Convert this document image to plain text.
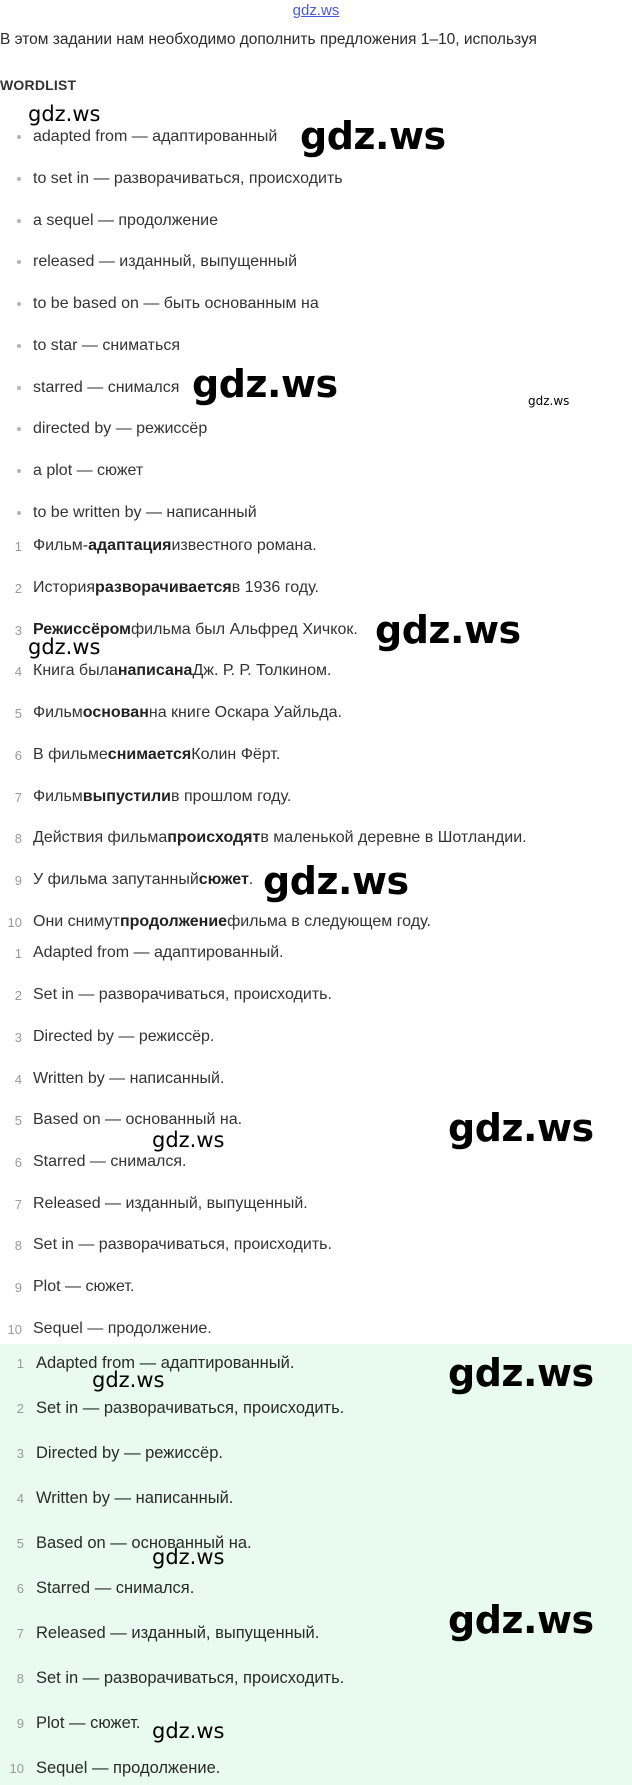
gdz.ws
В этом задании нам необходимо дополнить предложения 1–10, используя
WORDLIST
adapted from — адаптированный
to set in — разворачиваться, происходить
a sequel — продолжение
released — изданный, выпущенный
to be based on — быть основанным на
to star — сниматься
starred — снимался
directed by — режиссёр
a plot — сюжет
to be written by — написанный
1 Фильм- адаптация известного романа.
2 История разворачивается в 1936 году.
3 Режиссёром фильма был Альфред Хичкок.
4 Книга была написана Дж. Р. Р. Толкином.
5 Фильм основан на книге Оскара Уайльда.
6 В фильме снимается Колин Фёрт.
7 Фильм выпустили в прошлом году.
8 Действия фильма происходят в маленькой деревне в Шотландии.
9 У фильма запутанный сюжет .
10 Они снимут продолжение фильма в следующем году.
1 Adapted from — адаптированный.
2 Set in — разворачиваться, происходить.
3 Directed by — режиссёр.
4 Written by — написанный.
5 Based on — основанный на.
6 Starred — снимался.
7 Released — изданный, выпущенный.
8 Set in — разворачиваться, происходить.
9 Plot — сюжет.
10 Sequel — продолжение.
1 Adapted from — адаптированный.
2 Set in — разворачиваться, происходить.
3 Directed by — режиссёр.
4 Written by — написанный.
5 Based on — основанный на.
6 Starred — снимался.
7 Released — изданный, выпущенный.
8 Set in — разворачиваться, происходить.
9 Plot — сюжет.
10 Sequel — продолжение.
gdz.ws	gdz.ws
gdz.ws	gdz.ws
gdz.ws
gdz.ws
gdz.ws
gdz.ws
gdz.ws
gdz.ws
gdz.ws
gdz.ws
gdz.ws
gdz.ws
